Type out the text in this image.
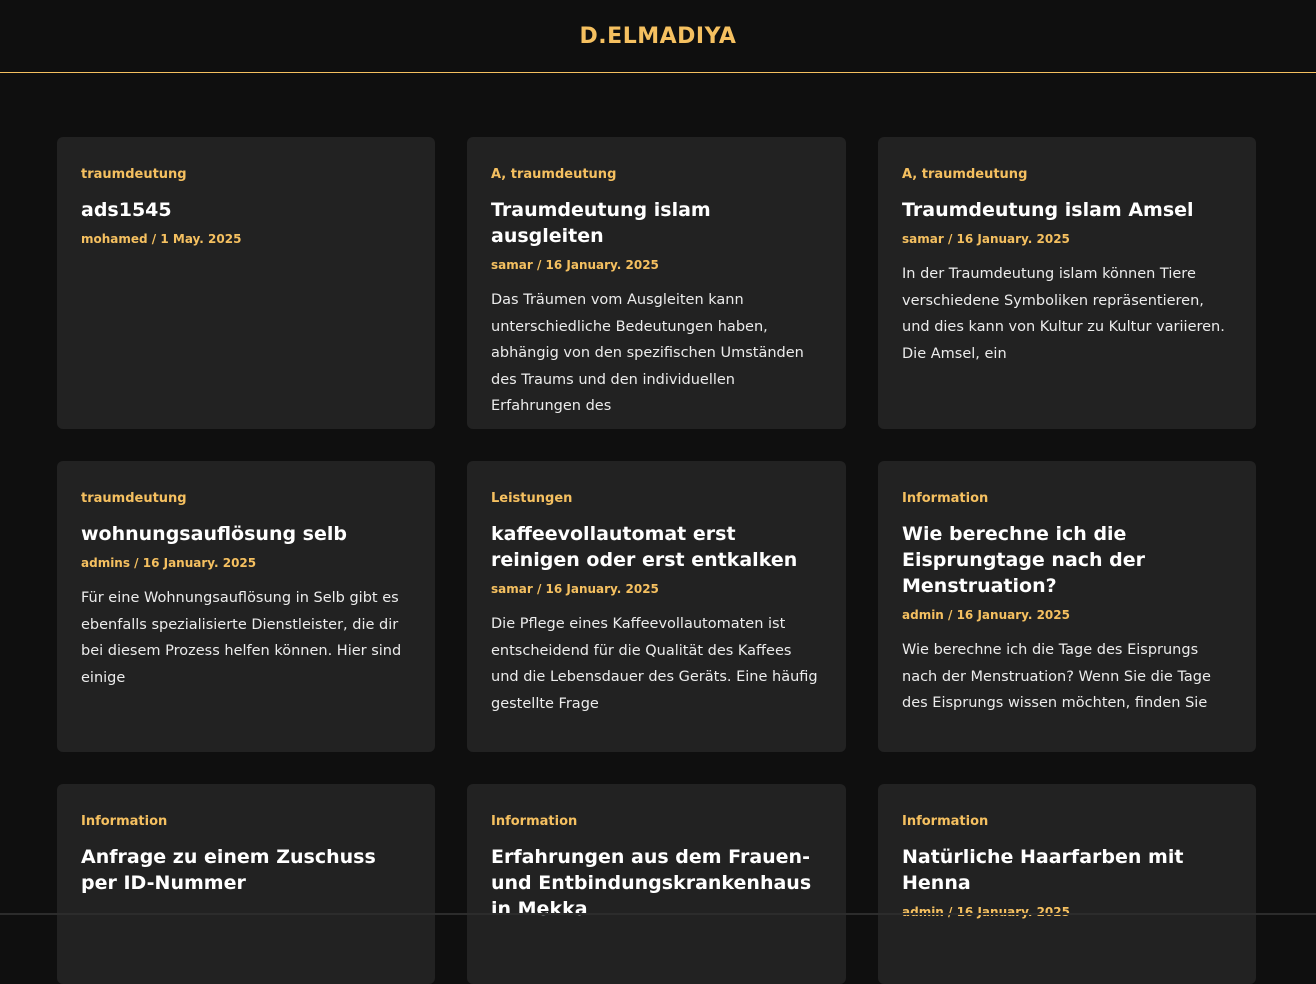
D.ELMADIYA
traumdeutung
ads1545
mohamed / 1 May. 2025

A, traumdeutung
Traumdeutung islam ausgleiten
samar / 16 January. 2025

Das Träumen vom Ausgleiten kann unterschiedliche Bedeutungen haben, abhängig von den spezifischen Umständen des Traums und den individuellen Erfahrungen des

A, traumdeutung
Traumdeutung islam Amsel
samar / 16 January. 2025

In der Traumdeutung islam können Tiere verschiedene Symboliken repräsentieren, und dies kann von Kultur zu Kultur variieren. Die Amsel, ein

traumdeutung
wohnungsauflösung selb
admins / 16 January. 2025

Für eine Wohnungsauflösung in Selb gibt es ebenfalls spezialisierte Dienstleister, die dir bei diesem Prozess helfen können. Hier sind einige

Leistungen
kaffeevollautomat erst reinigen oder erst entkalken
samar / 16 January. 2025

Die Pflege eines Kaffeevollautomaten ist entscheidend für die Qualität des Kaffees und die Lebensdauer des Geräts. Eine häufig gestellte Frage

Information
Wie berechne ich die Eisprungtage nach der Menstruation?
admin / 16 January. 2025

Wie berechne ich die Tage des Eisprungs nach der Menstruation? Wenn Sie die Tage des Eisprungs wissen möchten, finden Sie

Information
Anfrage zu einem Zuschuss per ID-Nummer
Information
Erfahrungen aus dem Frauen- und Entbindungskrankenhaus in Mekka
Information
Natürliche Haarfarben mit Henna
admin / 16 January. 2025
